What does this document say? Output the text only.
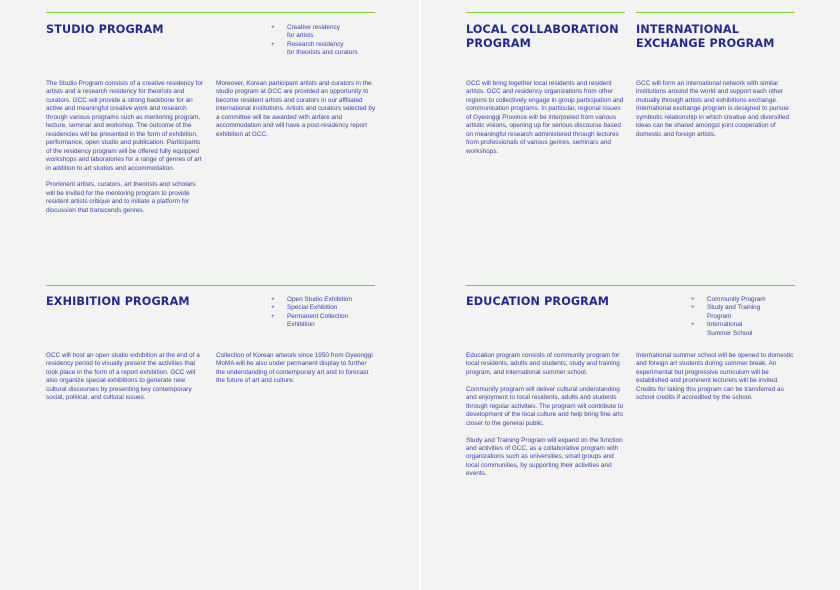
STUDIO PROGRAM	+ Creative residency
for artists
+ Research residency
for theorists and curators
The Studio Program consists of a creative residency for artists and a research residency for theorists and curators. GCC will provide a strong backbone for an active and meaningful creative work and research through various programs such as mentoring program, lecture, seminar and workshop. The outcome of the residencies will be presented in the form of exhibition, performance, open studio and publication. Participants of the residency program will be offered fully equipped workshops and laboratories for a range of genres of art in addition to art studios and accommodation.
Prominent artists, curators, art theorists and scholars will be invited for the mentoring program to provide resident artists critique and to initiate a platform for discussion that transcends genres.
Moreover, Korean participant artists and curators in the studio program at GCC are provided an opportunity to become resident artists and curators in our affiliated international institutions. Artists and curators selected by a committee will be awarded with airfare and accommodation and will have a post-residency report exhibition at GCC.
EXHIBITION PROGRAM	+ Open Studio Exhibition
+ Special Exhibition
+ Permanent Collection
Exhibition
GCC will host an open studio exhibition at the end of a residency period to visually present the activities that took place in the form of a report exhibition. GCC will also organize special exhibitions to generate new cultural discourses by presenting key contemporary social, political, and cultural issues.
Collection of Korean artwork since 1950 from Gyeonggi MoMA will be also under permanent display to further the understanding of contemporary art and to forecast the future of art and culture.
LOCAL COLLABORATION
PROGRAM
GCC will bring together local residents and resident artists. GCC and residency organizations from other regions to collectively engage in group participation and communication programs. In particular, regional issues of Gyeonggi Province will be interpreted from various artistic visions, opening up for serious discourse based on meaningful research administered through lectures from professionals of various genres, seminars and workshops.
INTERNATIONAL
EXCHANGE PROGRAM
GCC will form an international network with similar institutions around the world and support each other mutually through artists and exhibitions exchange. International exchange program is designed to pursue symbiotic relationship in which creative and diversified ideas can be shared amongst joint cooperation of domestic and foreign artists.
EDUCATION PROGRAM	+ Community Program
+ Study and Training
Program
+ International
Summer School
Education program consists of community program for local residents, adults and students, study and training program, and international summer school.
Community program will deliver cultural understanding and enjoyment to local residents, adults and students through regular activities. The program will contribute to development of the local culture and help bring fine arts closer to the general public.
Study and Training Program will expand on the function and activities of GCC, as a collaborative program with organizations such as universities, small groups and local communities, by supporting their activities and events.
International summer school will be opened to domestic and foreign art students during summer break. An experimental but progressive curriculum will be established and prominent lecturers will be invited. Credits for taking this program can be transferred as school credits if accredited by the school.
